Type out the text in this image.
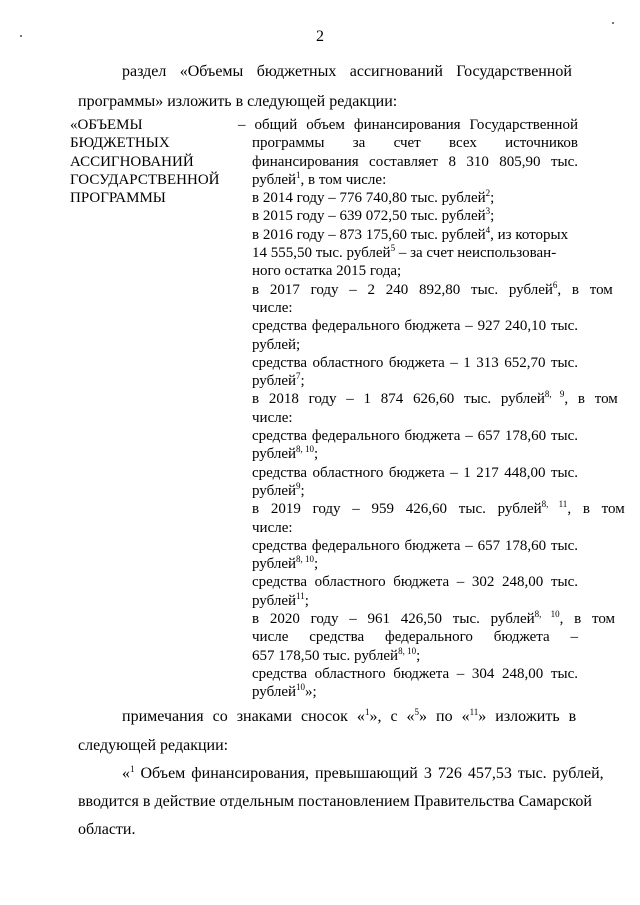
2
раздел «Объемы бюджетных ассигнований Государственной
программы» изложить в следующей редакции:
«ОБЪЕМЫ
БЮДЖЕТНЫХ
АССИГНОВАНИЙ
ГОСУДАРСТВЕННОЙ
ПРОГРАММЫ
– общий объем финансирования Государственной
программы за счет всех источников
финансирования составляет 8 310 805,90 тыс.
рублей$^1$, в том числе:
в 2014 году – 776 740,80 тыс. рублей$^2$;
в 2015 году – 639 072,50 тыс. рублей$^3$;
в 2016 году – 873 175,60 тыс. рублей$^4$, из которых
14 555,50 тыс. рублей$^5$ – за счет неиспользован-
ного остатка 2015 года;
в 2017 году – 2 240 892,80 тыс. рублей$^6$, в том
числе:
средства федерального бюджета – 927 240,10 тыс.
рублей;
средства областного бюджета – 1 313 652,70 тыс.
рублей$^7$;
в 2018 году – 1 874 626,60 тыс. рублей$^{8, 9}$, в том
числе:
средства федерального бюджета – 657 178,60 тыс.
рублей$^{8, 10}$;
средства областного бюджета – 1 217 448,00 тыс.
рублей$^9$;
в 2019 году – 959 426,60 тыс. рублей$^{8, 11}$, в том
числе:
средства федерального бюджета – 657 178,60 тыс.
рублей$^{8, 10}$;
средства областного бюджета – 302 248,00 тыс.
рублей$^{11}$;
в 2020 году – 961 426,50 тыс. рублей$^{8, 10}$, в том
числе средства федерального бюджета –
657 178,50 тыс. рублей$^{8, 10}$;
средства областного бюджета – 304 248,00 тыс.
рублей$^{10}$»;
примечания со знаками сносок «$^1$», с «$^5$» по «$^{11}$» изложить в
следующей редакции:
«$^1$ Объем финансирования, превышающий 3 726 457,53 тыс. рублей,
вводится в действие отдельным постановлением Правительства Самарской
области.
